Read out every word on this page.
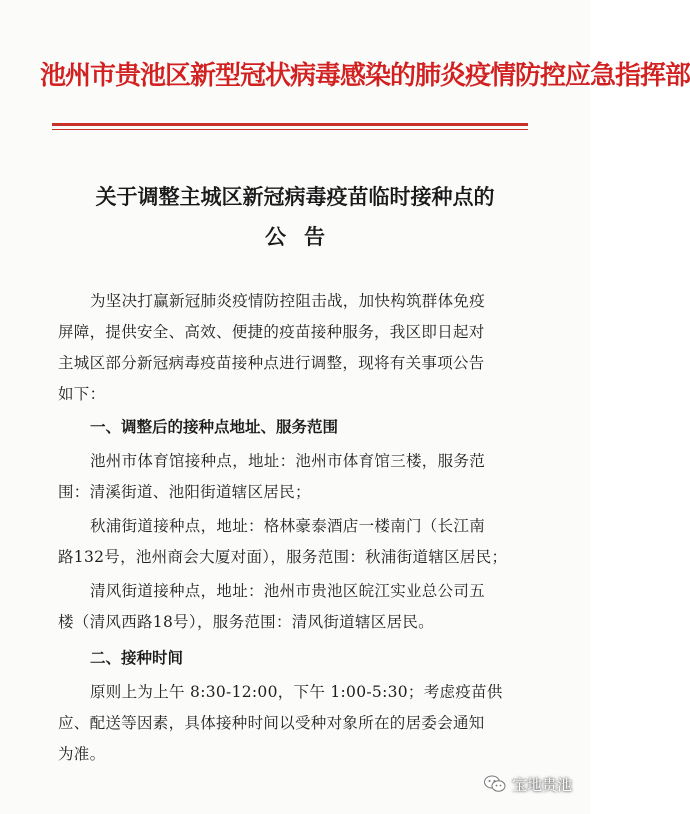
池州市贵池区新型冠状病毒感染的肺炎疫情防控应急指挥部
关于调整主城区新冠病毒疫苗临时接种点的
公告
为坚决打赢新冠肺炎疫情防控阻击战，加快构筑群体免疫
屏障，提供安全、高效、便捷的疫苗接种服务，我区即日起对
主城区部分新冠病毒疫苗接种点进行调整，现将有关事项公告
如下：
一、调整后的接种点地址、服务范围
池州市体育馆接种点，地址：池州市体育馆三楼，服务范
围：清溪街道、池阳街道辖区居民；
秋浦街道接种点，地址：格林豪泰酒店一楼南门（长江南
路132号，池州商会大厦对面），服务范围：秋浦街道辖区居民；
清风街道接种点，地址：池州市贵池区皖江实业总公司五
楼（清风西路18号），服务范围：清风街道辖区居民。
二、接种时间
原则上为上午 8:30-12:00，下午 1:00-5:30；考虑疫苗供
应、配送等因素，具体接种时间以受种对象所在的居委会通知
为准。
宝地贵池
